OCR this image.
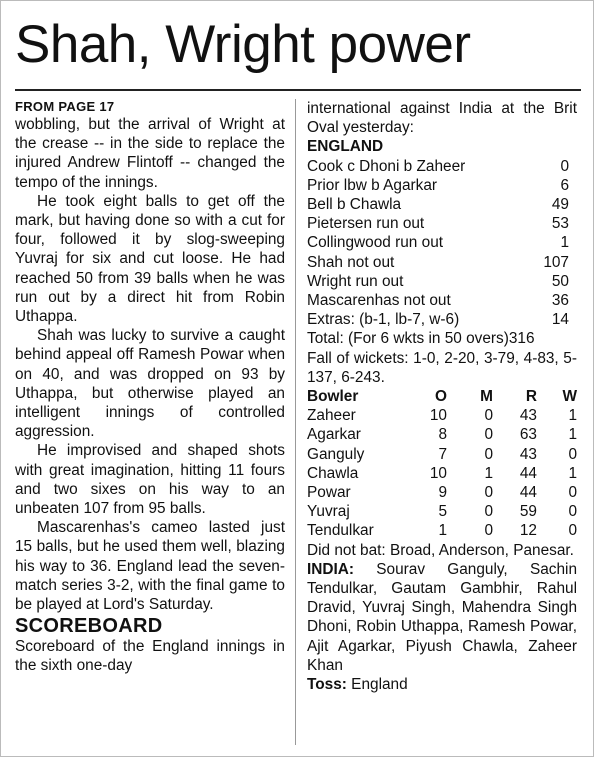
Shah, Wright power
FROM PAGE 17

wobbling, but the arrival of Wright at the crease -- in the side to replace the injured Andrew Flintoff -- changed the tempo of the innings.

He took eight balls to get off the mark, but having done so with a cut for four, followed it by slog-sweeping Yuvraj for six and cut loose. He had reached 50 from 39 balls when he was run out by a direct hit from Robin Uthappa.

Shah was lucky to survive a caught behind appeal off Ramesh Powar when on 40, and was dropped on 93 by Uthappa, but otherwise played an intelligent innings of controlled aggression.

He improvised and shaped shots with great imagination, hitting 11 fours and two sixes on his way to an unbeaten 107 from 95 balls.

Mascarenhas's cameo lasted just 15 balls, but he used them well, blazing his way to 36. England lead the seven-match series 3-2, with the final game to be played at Lord's Saturday.

SCOREBOARD

Scoreboard of the England innings in the sixth one-day

international against India at the Brit Oval yesterday:
ENGLAND
Cook c Dhoni b Zaheer	0
Prior lbw b Agarkar	6
Bell b Chawla	49
Pietersen run out	53
Collingwood run out	1
Shah not out	107
Wright run out	50
Mascarenhas not out	36
Extras: (b-1, lb-7, w-6)	14
Total: (For 6 wkts in 50 overs)316
Fall of wickets: 1-0, 2-20, 3-79, 4-83, 5-137, 6-243.
Bowler	O	M	R	W
Zaheer	10	0	43	1
Agarkar	8	0	63	1
Ganguly	7	0	43	0
Chawla	10	1	44	1
Powar	9	0	44	0
Yuvraj	5	0	59	0
Tendulkar	1	0	12	0
Did not bat: Broad, Anderson, Panesar.
INDIA: Sourav Ganguly, Sachin Tendulkar, Gautam Gambhir, Rahul Dravid, Yuvraj Singh, Mahendra Singh Dhoni, Robin Uthappa, Ramesh Powar, Ajit Agarkar, Piyush Chawla, Zaheer Khan
Toss: England
